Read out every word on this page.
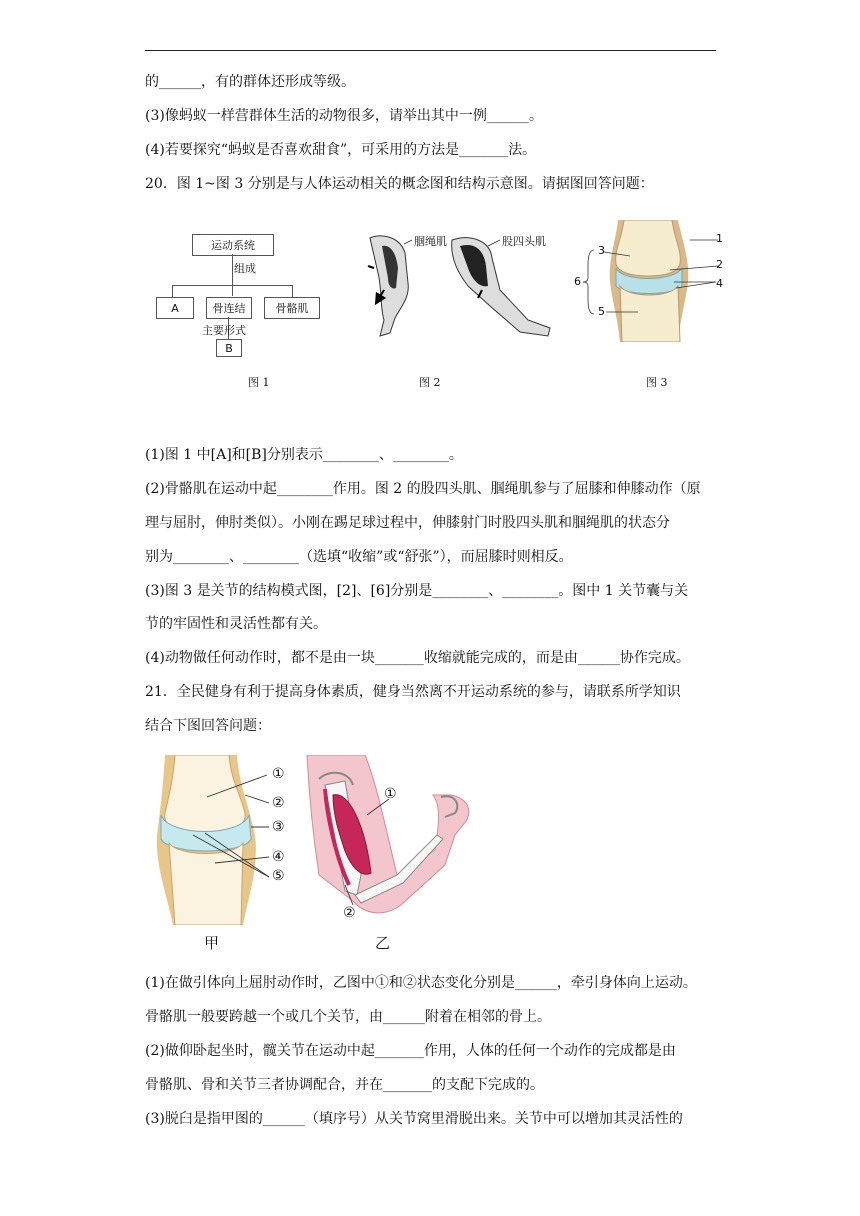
的______，有的群体还形成等级。
(3)像蚂蚁一样营群体生活的动物很多，请举出其中一例______。
(4)若要探究“蚂蚁是否喜欢甜食”，可采用的方法是_______法。
20．图 1~图 3 分别是与人体运动相关的概念图和结构示意图。请据图回答问题：
运动系统
组成
A	骨连结	骨骼肌
主要形式
B
图 1
腘绳肌	股四头肌
图 2
1
2
3
4
5
6
图 3
(1)图 1 中[A]和[B]分别表示________、________。
(2)骨骼肌在运动中起________作用。图 2 的股四头肌、腘绳肌参与了屈膝和伸膝动作（原
理与屈肘，伸肘类似）。小刚在踢足球过程中，伸膝射门时股四头肌和腘绳肌的状态分
别为________、________（选填“收缩”或“舒张”），而屈膝时则相反。
(3)图 3 是关节的结构模式图，[2]、[6]分别是________、________。图中 1 关节囊与关
节的牢固性和灵活性都有关。
(4)动物做任何动作时，都不是由一块_______收缩就能完成的，而是由______协作完成。
21．全民健身有利于提高身体素质，健身当然离不开运动系统的参与，请联系所学知识
结合下图回答问题：
①
②
③
④
⑤
甲
①
②
乙
(1)在做引体向上屈肘动作时，乙图中①和②状态变化分别是______，牵引身体向上运动。
骨骼肌一般要跨越一个或几个关节，由______附着在相邻的骨上。
(2)做仰卧起坐时，髋关节在运动中起_______作用，人体的任何一个动作的完成都是由
骨骼肌、骨和关节三者协调配合，并在_______的支配下完成的。
(3)脱臼是指甲图的______（填序号）从关节窝里滑脱出来。关节中可以增加其灵活性的
